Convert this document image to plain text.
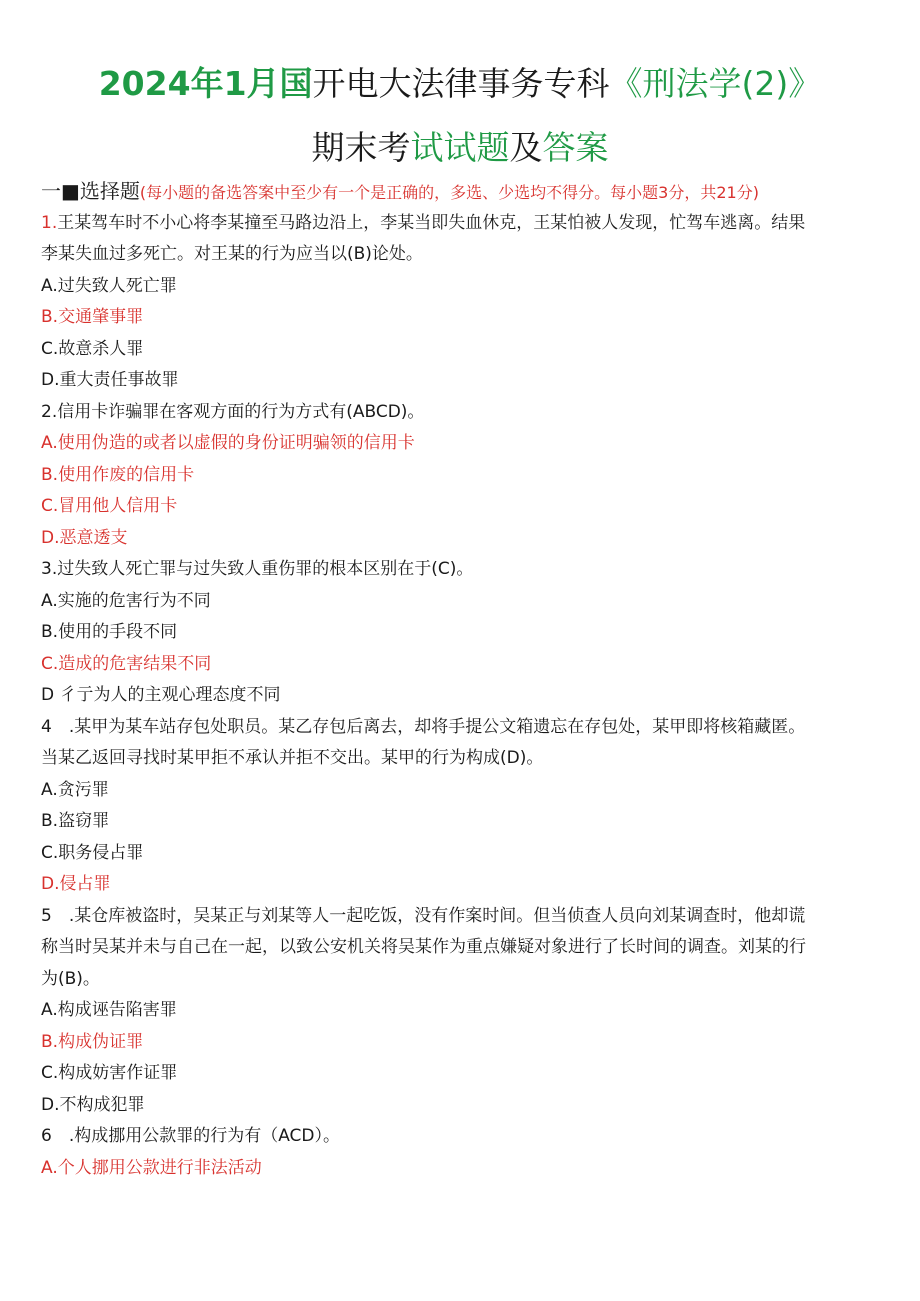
2024年1月国开电大法律事务专科《刑法学(2)》
期末考试试题及答案
一■选择题(每小题的备选答案中至少有一个是正确的，多选、少选均不得分。每小题3分，共21分)
1.王某驾车时不小心将李某撞至马路边沿上，李某当即失血休克，王某怕被人发现，忙驾车逃离。结果
李某失血过多死亡。对王某的行为应当以(B)论处。
A.过失致人死亡罪
B.交通肇事罪
C.故意杀人罪
D.重大责任事故罪
2.信用卡诈骗罪在客观方面的行为方式有(ABCD)。
A.使用伪造的或者以虚假的身份证明骗领的信用卡
B.使用作废的信用卡
C.冒用他人信用卡
D.恶意透支
3.过失致人死亡罪与过失致人重伤罪的根本区别在于(C)。
A.实施的危害行为不同
B.使用的手段不同
C.造成的危害结果不同
D 彳亍为人的主观心理态度不同
4　.某甲为某车站存包处职员。某乙存包后离去，却将手提公文箱遗忘在存包处，某甲即将核箱藏匿。
当某乙返回寻找时某甲拒不承认并拒不交出。某甲的行为构成(D)。
A.贪污罪
B.盗窃罪
C.职务侵占罪
D.侵占罪
5　.某仓库被盗时，吴某正与刘某等人一起吃饭，没有作案时间。但当侦查人员向刘某调查时，他却谎
称当时吴某并未与自己在一起，以致公安机关将吴某作为重点嫌疑对象进行了长时间的调查。刘某的行
为(B)。
A.构成诬告陷害罪
B.构成伪证罪
C.构成妨害作证罪
D.不构成犯罪
6　.构成挪用公款罪的行为有（ACD）。
A.个人挪用公款进行非法活动
